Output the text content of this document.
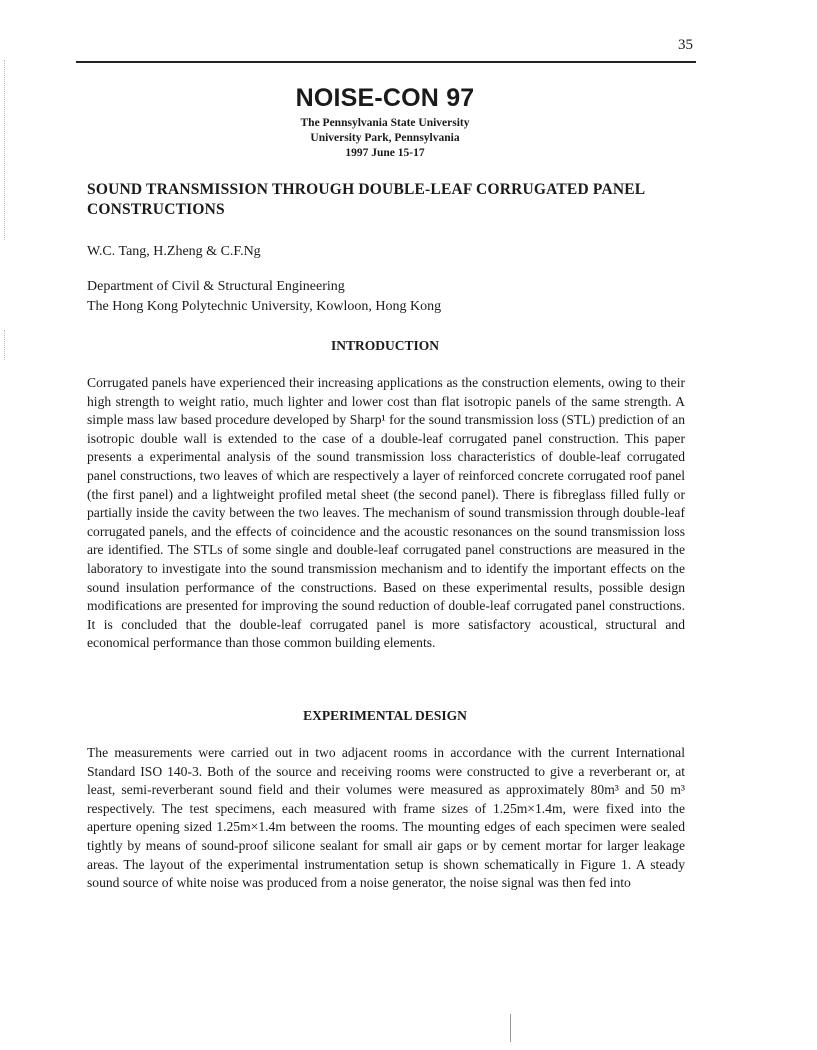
35
NOISE-CON 97
The Pennsylvania State University
University Park, Pennsylvania
1997 June 15-17
SOUND TRANSMISSION THROUGH DOUBLE-LEAF CORRUGATED PANEL CONSTRUCTIONS
W.C. Tang, H.Zheng & C.F.Ng
Department of Civil & Structural Engineering
The Hong Kong Polytechnic University, Kowloon, Hong Kong
INTRODUCTION

Corrugated panels have experienced their increasing applications as the construction elements, owing to their high strength to weight ratio, much lighter and lower cost than flat isotropic panels of the same strength. A simple mass law based procedure developed by Sharp¹ for the sound transmission loss (STL) prediction of an isotropic double wall is extended to the case of a double-leaf corrugated panel construction. This paper presents a experimental analysis of the sound transmission loss characteristics of double-leaf corrugated panel constructions, two leaves of which are respectively a layer of reinforced concrete corrugated roof panel (the first panel) and a lightweight profiled metal sheet (the second panel). There is fibreglass filled fully or partially inside the cavity between the two leaves. The mechanism of sound transmission through double-leaf corrugated panels, and the effects of coincidence and the acoustic resonances on the sound transmission loss are identified. The STLs of some single and double-leaf corrugated panel constructions are measured in the laboratory to investigate into the sound transmission mechanism and to identify the important effects on the sound insulation performance of the constructions. Based on these experimental results, possible design modifications are presented for improving the sound reduction of double-leaf corrugated panel constructions. It is concluded that the double-leaf corrugated panel is more satisfactory acoustical, structural and economical performance than those common building elements.

EXPERIMENTAL DESIGN

The measurements were carried out in two adjacent rooms in accordance with the current International Standard ISO 140-3. Both of the source and receiving rooms were constructed to give a reverberant or, at least, semi-reverberant sound field and their volumes were measured as approximately 80m³ and 50 m³ respectively. The test specimens, each measured with frame sizes of 1.25m×1.4m, were fixed into the aperture opening sized 1.25m×1.4m between the rooms. The mounting edges of each specimen were sealed tightly by means of sound-proof silicone sealant for small air gaps or by cement mortar for larger leakage areas. The layout of the experimental instrumentation setup is shown schematically in Figure 1. A steady sound source of white noise was produced from a noise generator, the noise signal was then fed into
